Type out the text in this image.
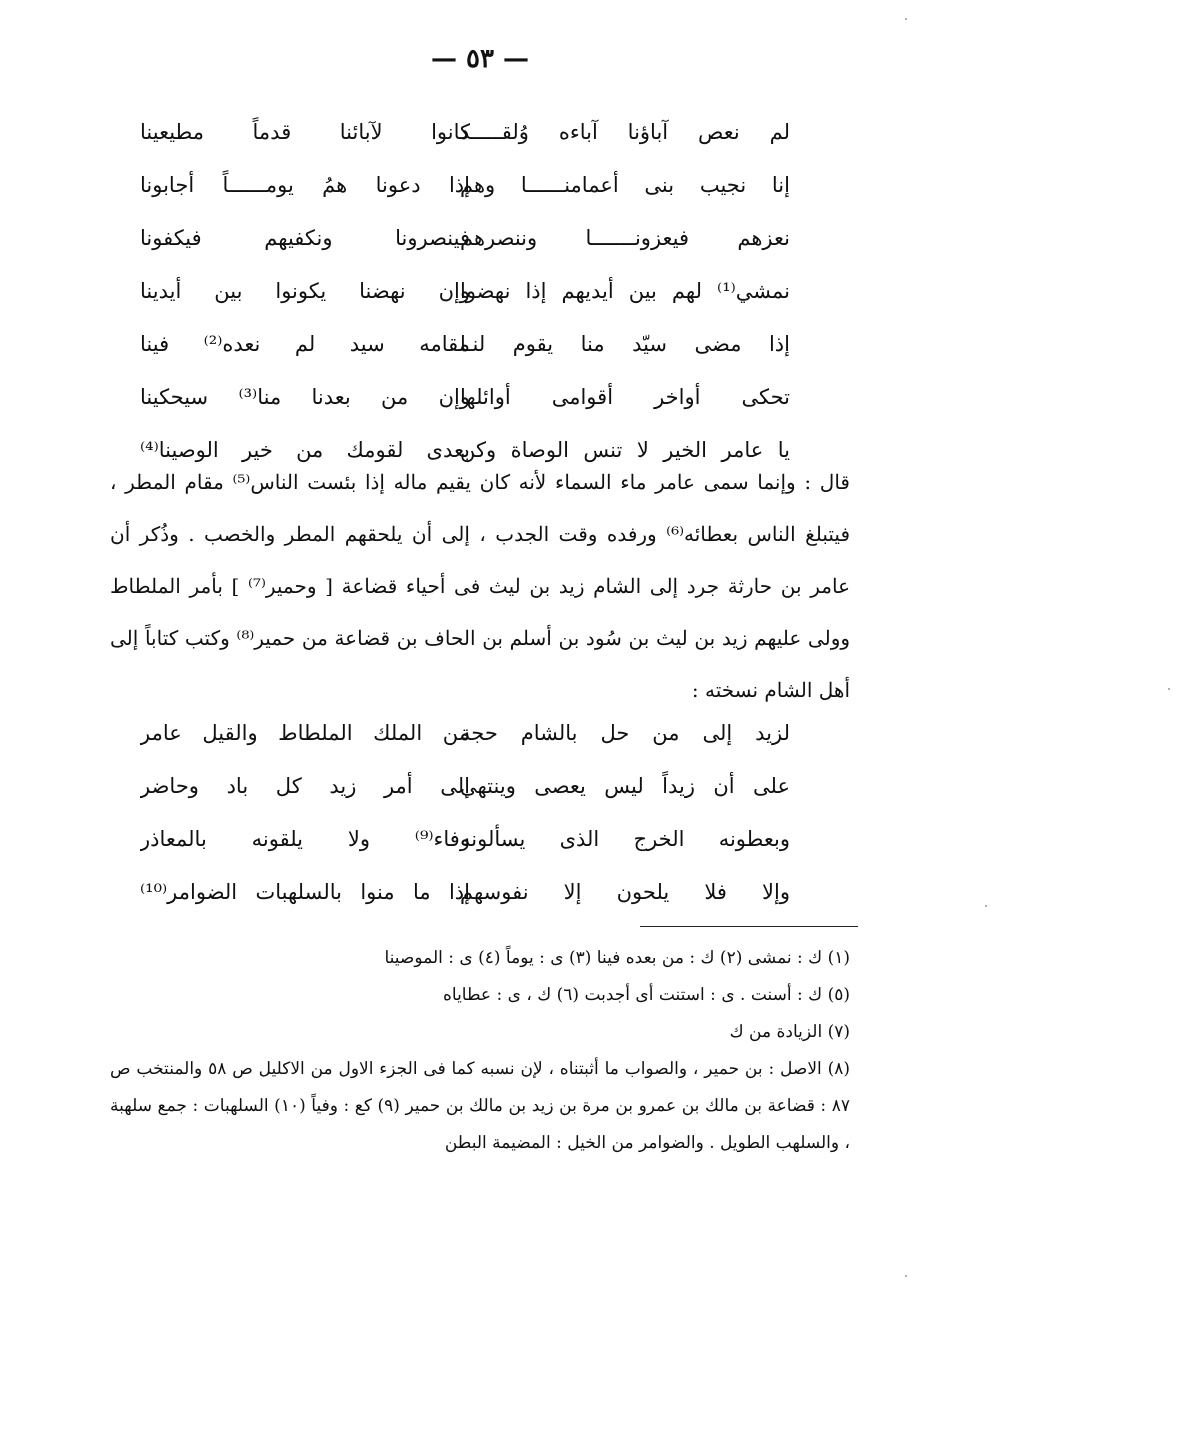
— ٥٣ —
لم نعص آباؤنا آباءه وُلقـــــد
كانوا لآبائنا قدماً مطيعينا
إنا نجيب بنى أعمامنــــــا وهم
إذا دعونا همُ يومــــــاً أجابونا
نعزهم فيعزونـــــــا وننصرهم
فينصرونا ونكفيهم فيكفونا
نمشي⁽¹⁾ لهم بين أيديهم إذا نهضوا
وإن نهضنا يكونوا بين أيدينا
إذا مضى سيّد منا يقوم لنـا
مقامه سيد لم نعده⁽²⁾ فينا
تحكى أواخر أقوامى أوائلها
وإن من بعدنا منا⁽³⁾ سيحكينا
يا عامر الخير لا تنس الوصاة وكن
بعدى لقومك من خير الوصينا⁽⁴⁾

قال : وإنما سمى عامر ماء السماء لأنه كان يقيم ماله إذا بئست الناس⁽⁵⁾ مقام المطر ، فيتبلغ الناس بعطائه⁽⁶⁾ ورفده وقت الجدب ، إلى أن يلحقهم المطر والخصب . وذُكر أن عامر بن حارثة جرد إلى الشام زيد بن ليث فى أحياء قضاعة [ وحمير⁽⁷⁾ ] بأمر الملطاط وولى عليهم زيد بن ليث بن سُود بن أسلم بن الحاف بن قضاعة من حمير⁽⁸⁾ وكتب كتاباً إلى أهل الشام نسخته :

لزيد إلى من حل بالشام حجة
من الملك الملطاط والقيل عامر
على أن زيداً ليس يعصى وينتهى
إلى أمر زيد كل باد وحاضر
وبعطونه الخرج الذى يسألونه
وفاء⁽⁹⁾ ولا يلقونه بالمعاذر
وإلا فلا يلحون إلا نفوسهم
إذا ما منوا بالسلهبات الضوامر⁽¹⁰⁾
(١) ك : نمشى (٢) ك : من بعده فينا (٣) ى : يوماً (٤) ى : الموصينا
(٥) ك : أسنت . ى : استنت أى أجدبت (٦) ك ، ى : عطاياه
(٧) الزيادة من ك
(٨) الاصل : بن حمير ، والصواب ما أثبتناه ، لإن نسبه كما فى الجزء الاول من الاكليل ص ٥٨ والمنتخب ص ٨٧ : قضاعة بن مالك بن عمرو بن مرة بن زيد بن مالك بن حمير (٩) كع : وفياً (١٠) السلهبات : جمع سلهبة ، والسلهب الطويل . والضوامر من الخيل : المضيمة البطن
